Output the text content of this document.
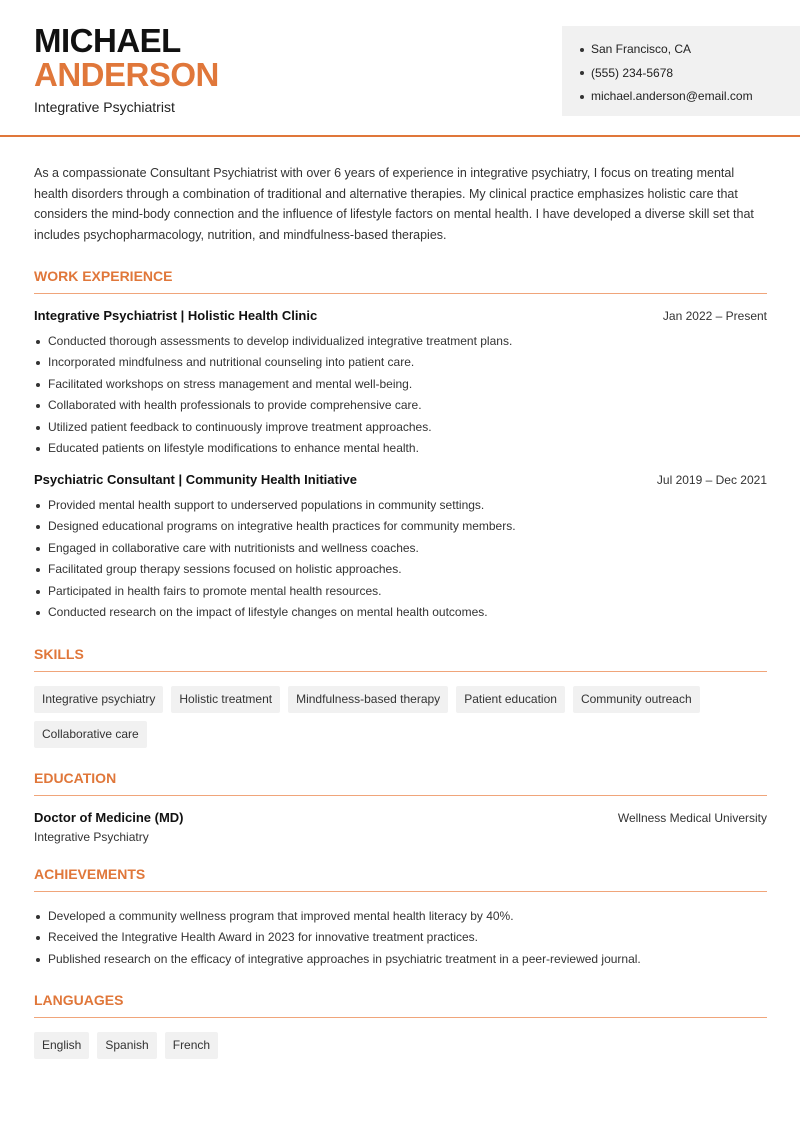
MICHAEL
ANDERSON
Integrative Psychiatrist
San Francisco, CA
(555) 234-5678
michael.anderson@email.com

As a compassionate Consultant Psychiatrist with over 6 years of experience in integrative psychiatry, I focus on treating mental health disorders through a combination of traditional and alternative therapies. My clinical practice emphasizes holistic care that considers the mind-body connection and the influence of lifestyle factors on mental health. I have developed a diverse skill set that includes psychopharmacology, nutrition, and mindfulness-based therapies.

WORK EXPERIENCE
Integrative Psychiatrist | Holistic Health Clinic	Jan 2022 – Present
Conducted thorough assessments to develop individualized integrative treatment plans.
Incorporated mindfulness and nutritional counseling into patient care.
Facilitated workshops on stress management and mental well-being.
Collaborated with health professionals to provide comprehensive care.
Utilized patient feedback to continuously improve treatment approaches.
Educated patients on lifestyle modifications to enhance mental health.
Psychiatric Consultant | Community Health Initiative	Jul 2019 – Dec 2021
Provided mental health support to underserved populations in community settings.
Designed educational programs on integrative health practices for community members.
Engaged in collaborative care with nutritionists and wellness coaches.
Facilitated group therapy sessions focused on holistic approaches.
Participated in health fairs to promote mental health resources.
Conducted research on the impact of lifestyle changes on mental health outcomes.
SKILLS
Integrative psychiatry	Holistic treatment	Mindfulness-based therapy	Patient education	Community outreach
Collaborative care
EDUCATION
Doctor of Medicine (MD)	Wellness Medical University
Integrative Psychiatry
ACHIEVEMENTS
Developed a community wellness program that improved mental health literacy by 40%.
Received the Integrative Health Award in 2023 for innovative treatment practices.
Published research on the efficacy of integrative approaches in psychiatric treatment in a peer-reviewed journal.
LANGUAGES
English	Spanish	French
